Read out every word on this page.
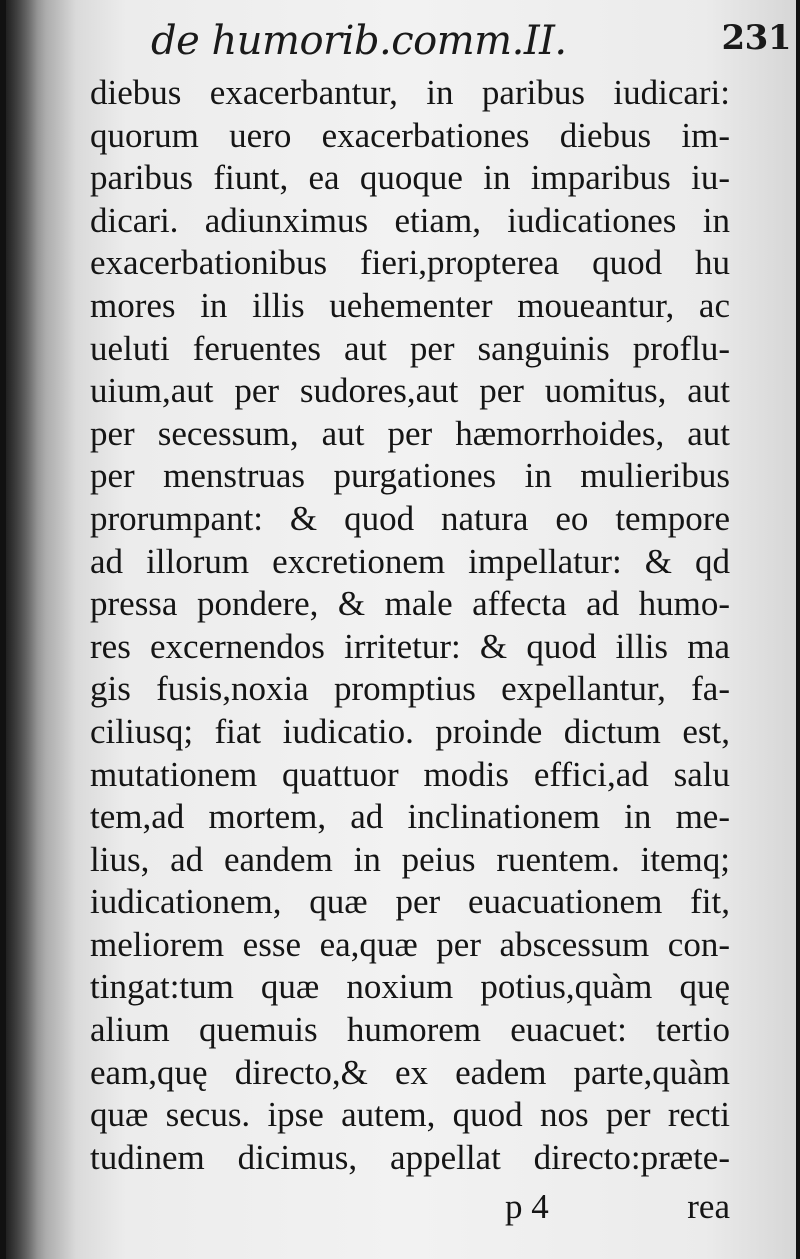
de humorib.comm.II.	231
diebus exacerbantur, in paribus iudicari:
quorum uero exacerbationes diebus im-
paribus fiunt, ea quoque in imparibus iu-
dicari. adiunximus etiam, iudicationes in
exacerbationibus fieri,propterea quod hu
mores in illis uehementer moueantur, ac
ueluti feruentes aut per sanguinis proflu-
uium,aut per sudores,aut per uomitus, aut
per secessum, aut per hæmorrhoides, aut
per menstruas purgationes in mulieribus
prorumpant: & quod natura eo tempore
ad illorum excretionem impellatur: & qd
pressa pondere, & male affecta ad humo-
res excernendos irritetur: & quod illis ma
gis fusis,noxia promptius expellantur, fa-
ciliusq; fiat iudicatio. proinde dictum est,
mutationem quattuor modis effici,ad salu
tem,ad mortem, ad inclinationem in me-
lius, ad eandem in peius ruentem. itemq;
iudicationem, quæ per euacuationem fit,
meliorem esse ea,quæ per abscessum con-
tingat:tum quæ noxium potius,quàm quę
alium quemuis humorem euacuet: tertio
eam,quę directo,& ex eadem parte,quàm
quæ secus. ipse autem, quod nos per recti
tudinem dicimus, appellat directo:præte-
p 4	rea
